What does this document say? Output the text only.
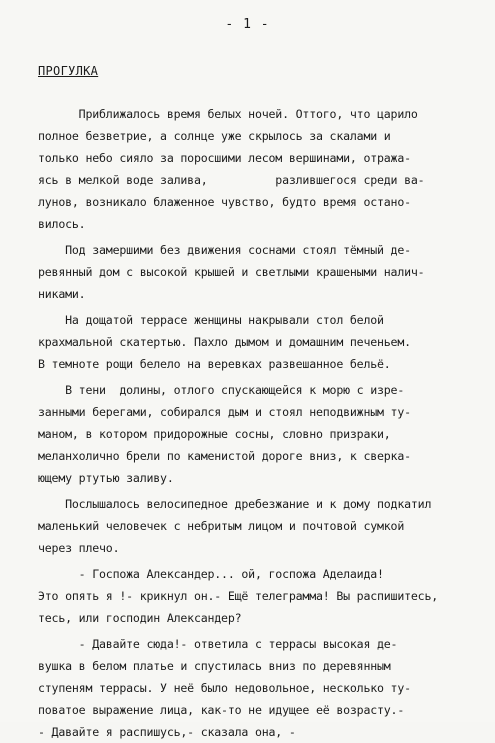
- 1 -
ПРОГУЛКА
Приближалось время белых ночей. Оттого, что царило
полное безветрие, а солнце уже скрылось за скалами и
только небо сияло за поросшими лесом вершинами, отража-
ясь в мелкой воде залива,          разлившегося среди ва-
лунов, возникало блаженное чувство, будто время остано-
вилось.
Под замершими без движения соснами стоял тёмный де-
ревянный дом с высокой крышей и светлыми крашеными налич-
никами.
На дощатой террасе женщины накрывали стол белой
крахмальной скатертью. Пахло дымом и домашним печеньем.
В темноте рощи белело на веревках развешанное бельё.
В тени  долины, отлого спускающейся к морю с изре-
занными берегами, собирался дым и стоял неподвижным ту-
маном, в котором придорожные сосны, словно призраки,
меланхолично брели по каменистой дороге вниз, к сверка-
ющему ртутью заливу.
Послышалось велосипедное дребезжание и к дому подкатил
маленький человечек с небритым лицом и почтовой сумкой
через плечо.
- Госпожа Александер... ой, госпожа Аделаида!
Это опять я !- крикнул он.- Ещё телеграмма! Вы распишитесь,
тесь, или господин Александер?
- Давайте сюда!- ответила с террасы высокая де-
вушка в белом платье и спустилась вниз по деревянным
ступеням террасы. У неё было недовольное, несколько ту-
поватое выражение лица, как-то не идущее её возрасту.-
- Давайте я распишусь,- сказала она, -
